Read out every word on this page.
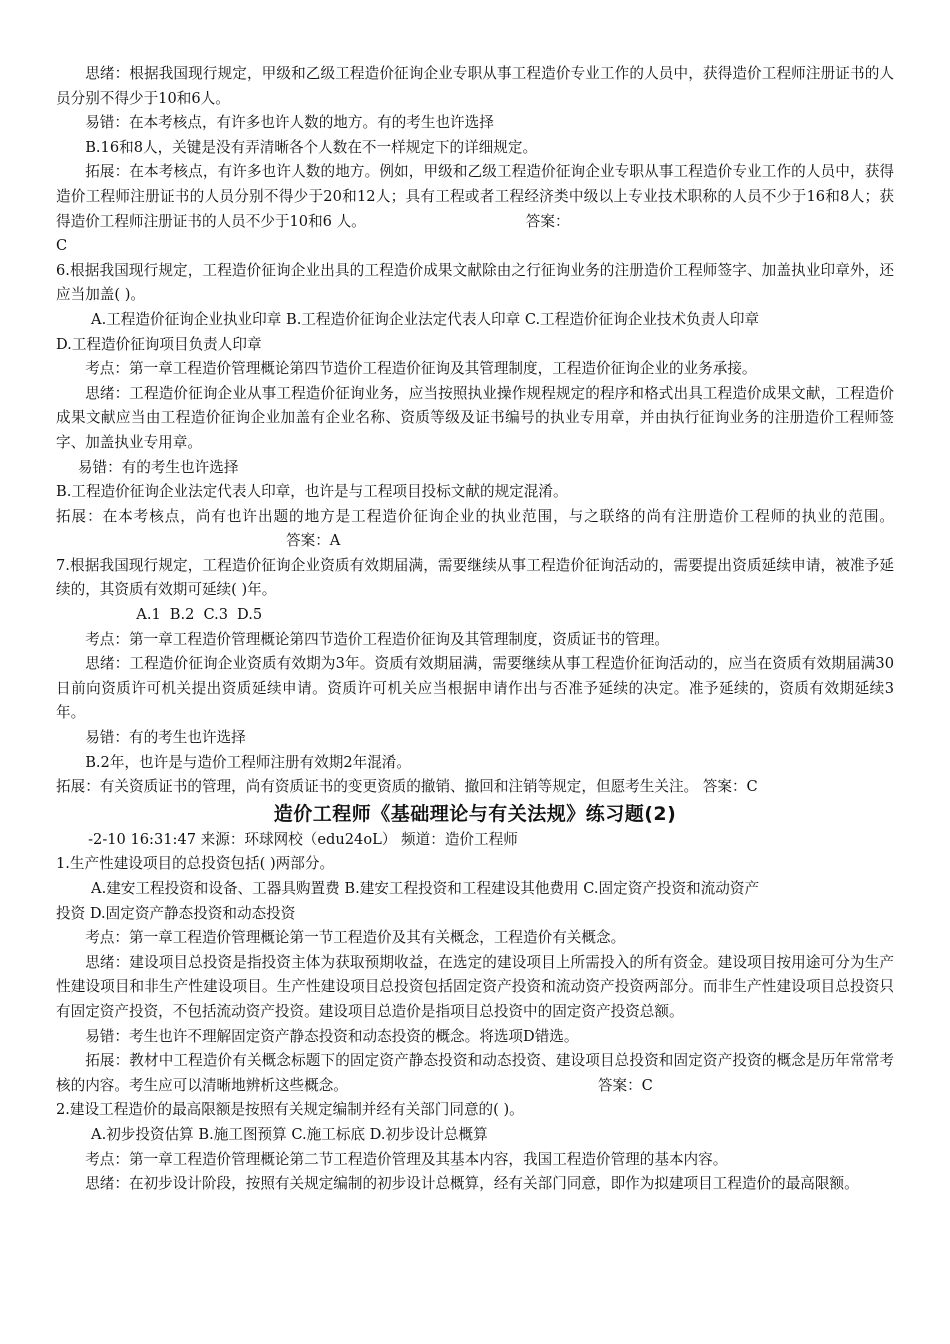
思绪：根据我国现行规定，甲级和乙级工程造价征询企业专职从事工程造价专业工作的人员中，获得造价工程师注册证书的人员分别不得少于10和6人。

易错：在本考核点，有许多也许人数的地方。有的考生也许选择

B.16和8人，关键是没有弄清晰各个人数在不一样规定下的详细规定。

拓展：在本考核点，有许多也许人数的地方。例如，甲级和乙级工程造价征询企业专职从事工程造价专业工作的人员中，获得造价工程师注册证书的人员分别不得少于20和12人；具有工程或者工程经济类中级以上专业技术职称的人员不少于16和8人；获得造价工程师注册证书的人员不少于10和6 人。	答案：

C

6.根据我国现行规定，工程造价征询企业出具的工程造价成果文献除由之行征询业务的注册造价工程师签字、加盖执业印章外，还应当加盖( )。

A.工程造价征询企业执业印章 B.工程造价征询企业法定代表人印章 C.工程造价征询企业技术负责人印章

D.工程造价征询项目负责人印章

考点：第一章工程造价管理概论第四节造价工程造价征询及其管理制度，工程造价征询企业的业务承接。

思绪：工程造价征询企业从事工程造价征询业务，应当按照执业操作规程规定的程序和格式出具工程造价成果文献，工程造价成果文献应当由工程造价征询企业加盖有企业名称、资质等级及证书编号的执业专用章，并由执行征询业务的注册造价工程师签字、加盖执业专用章。

易错：有的考生也许选择

B.工程造价征询企业法定代表人印章，也许是与工程项目投标文献的规定混淆。

拓展：在本考核点，尚有也许出题的地方是工程造价征询企业的执业范围，与之联络的尚有注册造价工程师的执业的范围。答案：A

7.根据我国现行规定，工程造价征询企业资质有效期届满，需要继续从事工程造价征询活动的，需要提出资质延续申请，被准予延续的，其资质有效期可延续( )年。

A.1 B.2 C.3 D.5

考点：第一章工程造价管理概论第四节造价工程造价征询及其管理制度，资质证书的管理。

思绪：工程造价征询企业资质有效期为3年。资质有效期届满，需要继续从事工程造价征询活动的，应当在资质有效期届满30日前向资质许可机关提出资质延续申请。资质许可机关应当根据申请作出与否准予延续的决定。准予延续的，资质有效期延续3年。

易错：有的考生也许选择

B.2年，也许是与造价工程师注册有效期2年混淆。

拓展：有关资质证书的管理，尚有资质证书的变更资质的撤销、撤回和注销等规定，但愿考生关注。 答案：C

造价工程师《基础理论与有关法规》练习题(2)

-2-10 16:31:47 来源：环球网校（edu24oL） 频道：造价工程师

1.生产性建设项目的总投资包括( )两部分。

A.建安工程投资和设备、工器具购置费 B.建安工程投资和工程建设其他费用 C.固定资产投资和流动资产

投资 D.固定资产静态投资和动态投资

考点：第一章工程造价管理概论第一节工程造价及其有关概念，工程造价有关概念。

思绪：建设项目总投资是指投资主体为获取预期收益，在选定的建设项目上所需投入的所有资金。建设项目按用途可分为生产性建设项目和非生产性建设项目。生产性建设项目总投资包括固定资产投资和流动资产投资两部分。而非生产性建设项目总投资只有固定资产投资，不包括流动资产投资。建设项目总造价是指项目总投资中的固定资产投资总额。

易错：考生也许不理解固定资产静态投资和动态投资的概念。将选项D错选。

拓展：教材中工程造价有关概念标题下的固定资产静态投资和动态投资、建设项目总投资和固定资产投资的概念是历年常常考核的内容。考生应可以清晰地辨析这些概念。	答案：C

2.建设工程造价的最高限额是按照有关规定编制并经有关部门同意的( )。

A.初步投资估算 B.施工图预算 C.施工标底 D.初步设计总概算

考点：第一章工程造价管理概论第二节工程造价管理及其基本内容，我国工程造价管理的基本内容。

思绪：在初步设计阶段，按照有关规定编制的初步设计总概算，经有关部门同意，即作为拟建项目工程造价的最高限额。
